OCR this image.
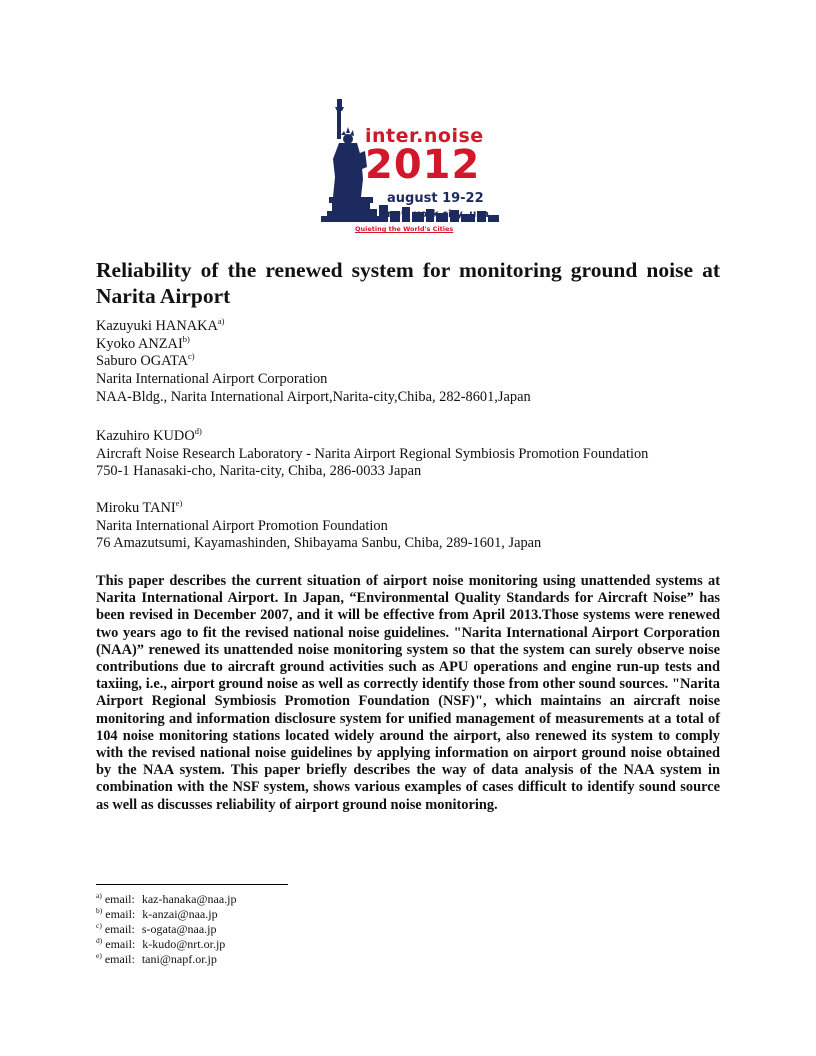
inter.noise
2012
august 19-22
new york city, usa
Quieting the World's Cities
Reliability of the renewed system for monitoring ground noise at Narita Airport
Kazuyuki HANAKA$^{a)}$
Kyoko ANZAI$^{b)}$
Saburo OGATA$^{c)}$
Narita International Airport Corporation
NAA-Bldg., Narita International Airport,Narita-city,Chiba, 282-8601,Japan
Kazuhiro KUDO$^{d)}$
Aircraft Noise Research Laboratory - Narita Airport Regional Symbiosis Promotion Foundation
750-1 Hanasaki-cho, Narita-city, Chiba, 286-0033 Japan
Miroku TANI$^{e)}$
Narita International Airport Promotion Foundation
76 Amazutsumi, Kayamashinden, Shibayama Sanbu, Chiba, 289-1601, Japan

This paper describes the current situation of airport noise monitoring using unattended systems at Narita International Airport. In Japan, “Environmental Quality Standards for Aircraft Noise” has been revised in December 2007, and it will be effective from April 2013.Those systems were renewed two years ago to fit the revised national noise guidelines. "Narita International Airport Corporation (NAA)” renewed its unattended noise monitoring system so that the system can surely observe noise contributions due to aircraft ground activities such as APU operations and engine run-up tests and taxiing, i.e., airport ground noise as well as correctly identify those from other sound sources. "Narita Airport Regional Symbiosis Promotion Foundation (NSF)", which maintains an aircraft noise monitoring and information disclosure system for unified management of measurements at a total of 104 noise monitoring stations located widely around the airport, also renewed its system to comply with the revised national noise guidelines by applying information on airport ground noise obtained by the NAA system. This paper briefly describes the way of data analysis of the NAA system in combination with the NSF system, shows various examples of cases difficult to identify sound source as well as discusses reliability of airport ground noise monitoring.

$^{a)}$ email: kaz-hanaka@naa.jp
$^{b)}$ email: k-anzai@naa.jp
$^{c)}$ email: s-ogata@naa.jp
$^{d)}$ email: k-kudo@nrt.or.jp
$^{e)}$ email: tani@napf.or.jp
